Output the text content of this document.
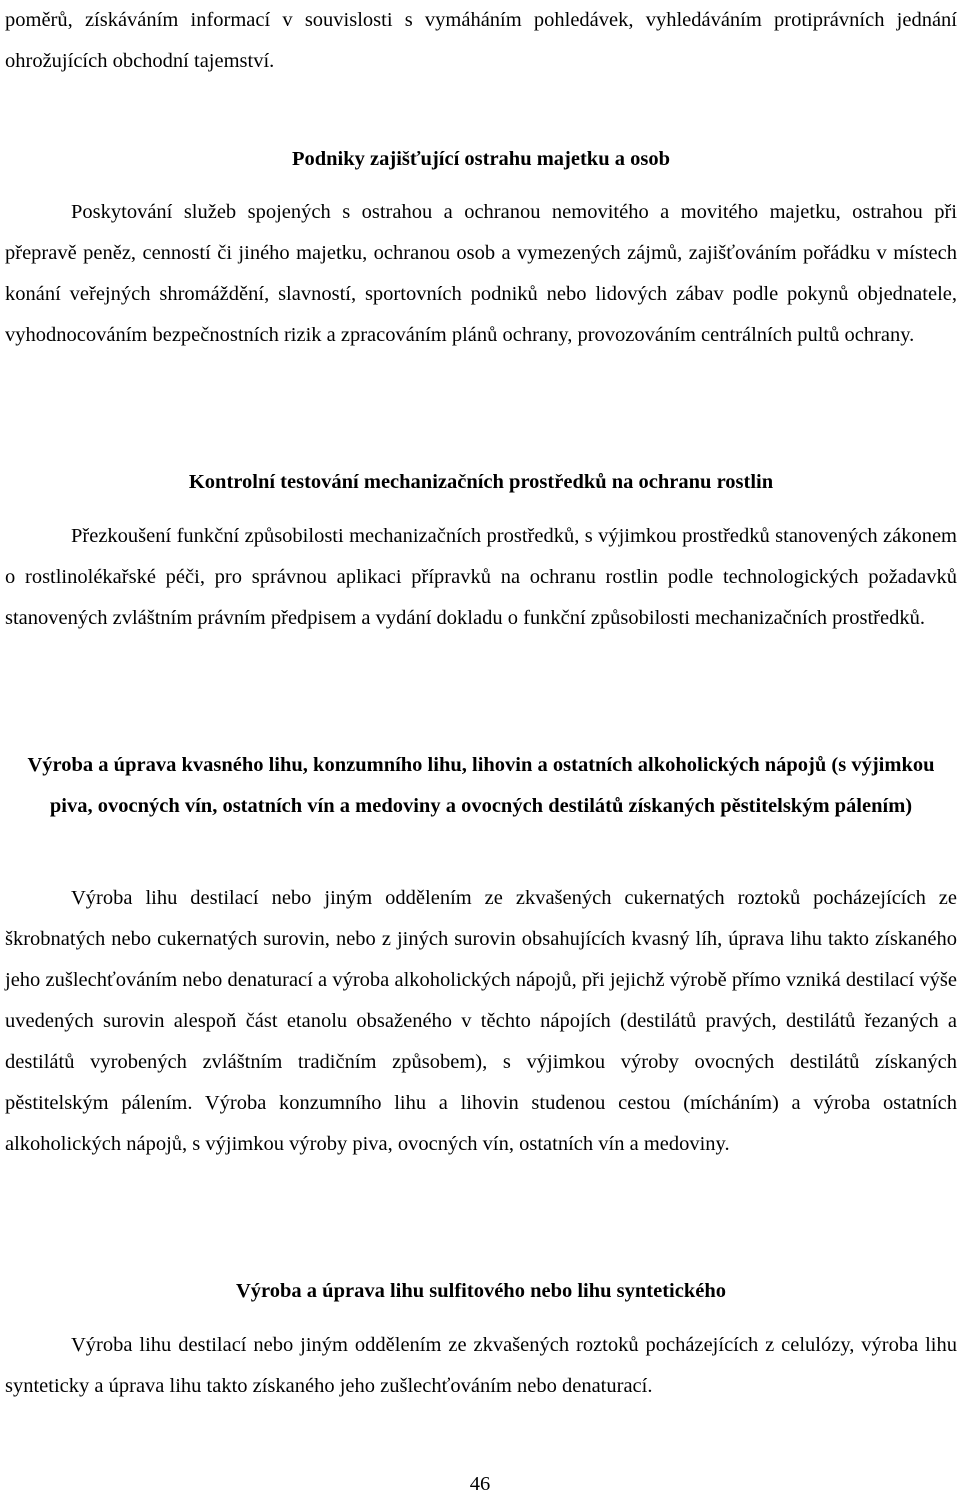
poměrů, získáváním informací v souvislosti s vymáháním pohledávek, vyhledáváním protiprávních jednání ohrožujících obchodní tajemství.

Podniky zajišťující ostrahu majetku a osob

Poskytování služeb spojených s ostrahou a ochranou nemovitého a movitého majetku, ostrahou při přepravě peněz, cenností či jiného majetku, ochranou osob a vymezených zájmů, zajišťováním pořádku v místech konání veřejných shromáždění, slavností, sportovních podniků nebo lidových zábav podle pokynů objednatele, vyhodnocováním bezpečnostních rizik a zpracováním plánů ochrany, provozováním centrálních pultů ochrany.

Kontrolní testování mechanizačních prostředků na ochranu rostlin

Přezkoušení funkční způsobilosti mechanizačních prostředků, s výjimkou prostředků stanovených zákonem o rostlinolékařské péči, pro správnou aplikaci přípravků na ochranu rostlin podle technologických požadavků stanovených zvláštním právním předpisem a vydání dokladu o funkční způsobilosti mechanizačních prostředků.

Výroba a úprava kvasného lihu, konzumního lihu, lihovin a ostatních alkoholických nápojů (s výjimkou piva, ovocných vín, ostatních vín a medoviny a ovocných destilátů získaných pěstitelským pálením)

Výroba lihu destilací nebo jiným oddělením ze zkvašených cukernatých roztoků pocházejících ze škrobnatých nebo cukernatých surovin, nebo z jiných surovin obsahujících kvasný líh, úprava lihu takto získaného jeho zušlechťováním nebo denaturací a výroba alkoholických nápojů, při jejichž výrobě přímo vzniká destilací výše uvedených surovin alespoň část etanolu obsaženého v těchto nápojích (destilátů pravých, destilátů řezaných a destilátů vyrobených zvláštním tradičním způsobem), s výjimkou výroby ovocných destilátů získaných pěstitelským pálením. Výroba konzumního lihu a lihovin studenou cestou (mícháním) a výroba ostatních alkoholických nápojů, s výjimkou výroby piva, ovocných vín, ostatních vín a medoviny.

Výroba a úprava lihu sulfitového nebo lihu syntetického

Výroba lihu destilací nebo jiným oddělením ze zkvašených roztoků pocházejících z celulózy, výroba lihu synteticky a úprava lihu takto získaného jeho zušlechťováním nebo denaturací.

46
